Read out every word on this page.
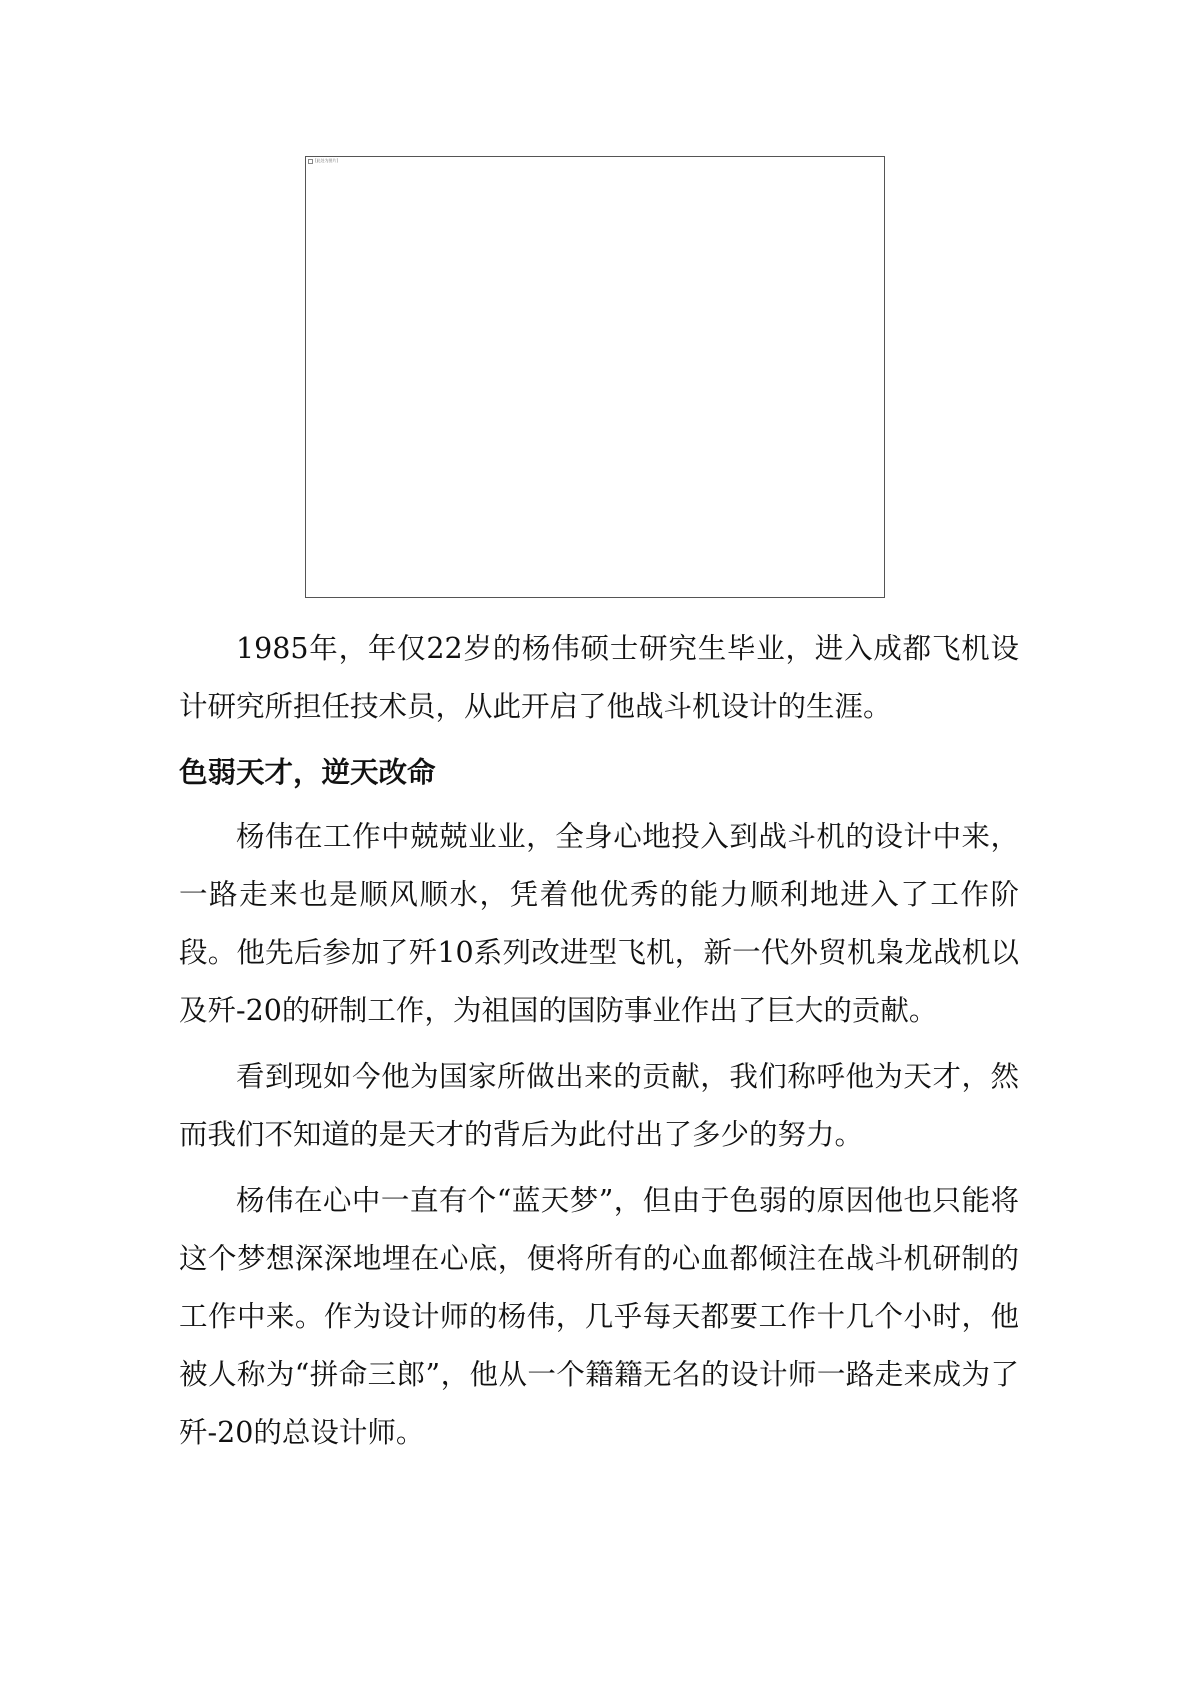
[此处为图片]

1985年，年仅22岁的杨伟硕士研究生毕业，进入成都飞机设计研究所担任技术员，从此开启了他战斗机设计的生涯。

色弱天才，逆天改命

杨伟在工作中兢兢业业，全身心地投入到战斗机的设计中来，一路走来也是顺风顺水，凭着他优秀的能力顺利地进入了工作阶段。他先后参加了歼10系列改进型飞机，新一代外贸机枭龙战机以及歼-20的研制工作，为祖国的国防事业作出了巨大的贡献。

看到现如今他为国家所做出来的贡献，我们称呼他为天才，然而我们不知道的是天才的背后为此付出了多少的努力。

杨伟在心中一直有个“蓝天梦”，但由于色弱的原因他也只能将这个梦想深深地埋在心底，便将所有的心血都倾注在战斗机研制的工作中来。作为设计师的杨伟，几乎每天都要工作十几个小时，他被人称为“拼命三郎”，他从一个籍籍无名的设计师一路走来成为了歼-20的总设计师。
